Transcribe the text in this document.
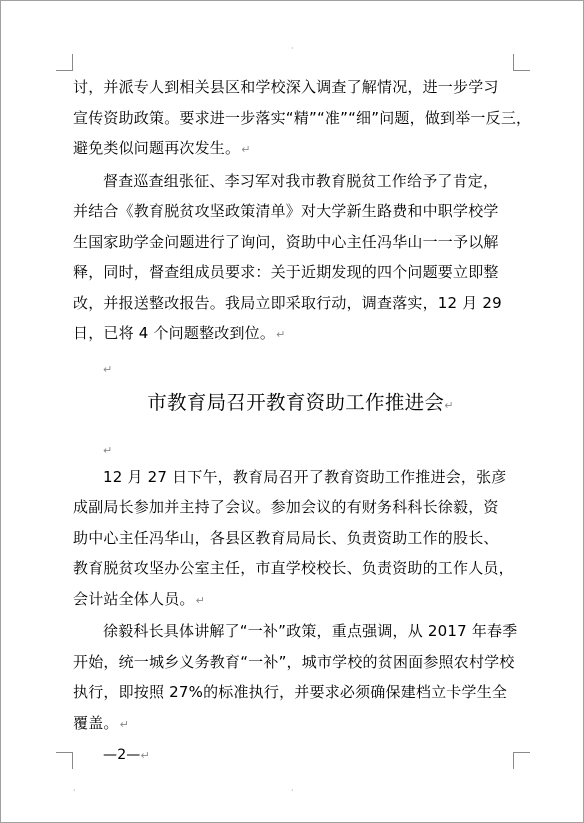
·
·	·
讨，并派专人到相关县区和学校深入调查了解情况，进一步学习
宣传资助政策。要求进一步落实“精”“准”“细”问题，做到举一反三，
避免类似问题再次发生。↵
督查巡查组张征、李习军对我市教育脱贫工作给予了肯定，
并结合《教育脱贫攻坚政策清单》对大学新生路费和中职学校学
生国家助学金问题进行了询问，资助中心主任冯华山一一予以解
释，同时，督查组成员要求：关于近期发现的四个问题要立即整
改，并报送整改报告。我局立即采取行动，调查落实，12 月 29
日，已将 4 个问题整改到位。↵
↵
市教育局召开教育资助工作推进会↵
↵
12 月 27 日下午，教育局召开了教育资助工作推进会，张彦
成副局长参加并主持了会议。参加会议的有财务科科长徐毅，资
助中心主任冯华山，各县区教育局局长、负责资助工作的股长、
教育脱贫攻坚办公室主任，市直学校校长、负责资助的工作人员，
会计站全体人员。↵
徐毅科长具体讲解了“一补”政策，重点强调，从 2017 年春季
开始，统一城乡义务教育“一补”，城市学校的贫困面参照农村学校
执行，即按照 27%的标准执行，并要求必须确保建档立卡学生全
覆盖。↵
—2—↵
